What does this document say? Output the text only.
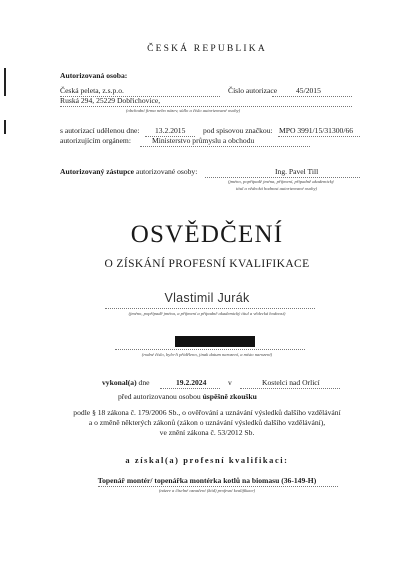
ČESKÁ REPUBLIKA
Autorizovaná osoba:
Česká peleta, z.s.p.o.	Číslo autorizace 45/2015
Ruská 294, 25229 Dobřichovice,
(obchodní firma nebo název, sídlo a číslo autorizované osoby)
s autorizací udělenou dne: 13.2.2015 pod spisovou značkou: MPO 3991/15/31300/66
autorizujícím orgánem:	Ministerstvo průmyslu a obchodu
Autorizovaný zástupce autorizované osoby:	Ing. Pavel Till
(jméno, popřípadě jména, příjmení, případně akademický
titul a vědecká hodnost autorizované osoby)
OSVĚDČENÍ
O ZÍSKÁNÍ PROFESNÍ KVALIFIKACE
Vlastimil Jurák
(jméno, popřípadě jména, a příjmení a případně akademický titul a vědecká hodnost)
(rodné číslo, bylo-li přiděleno, jinak datum narození, a místo narození)
vykonal(a) dne	19.2.2024	v	Kostelci nad Orlicí
před autorizovanou osobou úspěšně zkoušku
podle § 18 zákona č. 179/2006 Sb., o ověřování a uznávání výsledků dalšího vzdělávání
a o změně některých zákonů (zákon o uznávání výsledků dalšího vzdělávání),
ve znění zákona č. 53/2012 Sb.
a získal(a) profesní kvalifikaci:
Topenář montér/ topenářka montérka kotlů na biomasu (36-149-H)
(název a číselné označení (kód) profesní kvalifikace)
